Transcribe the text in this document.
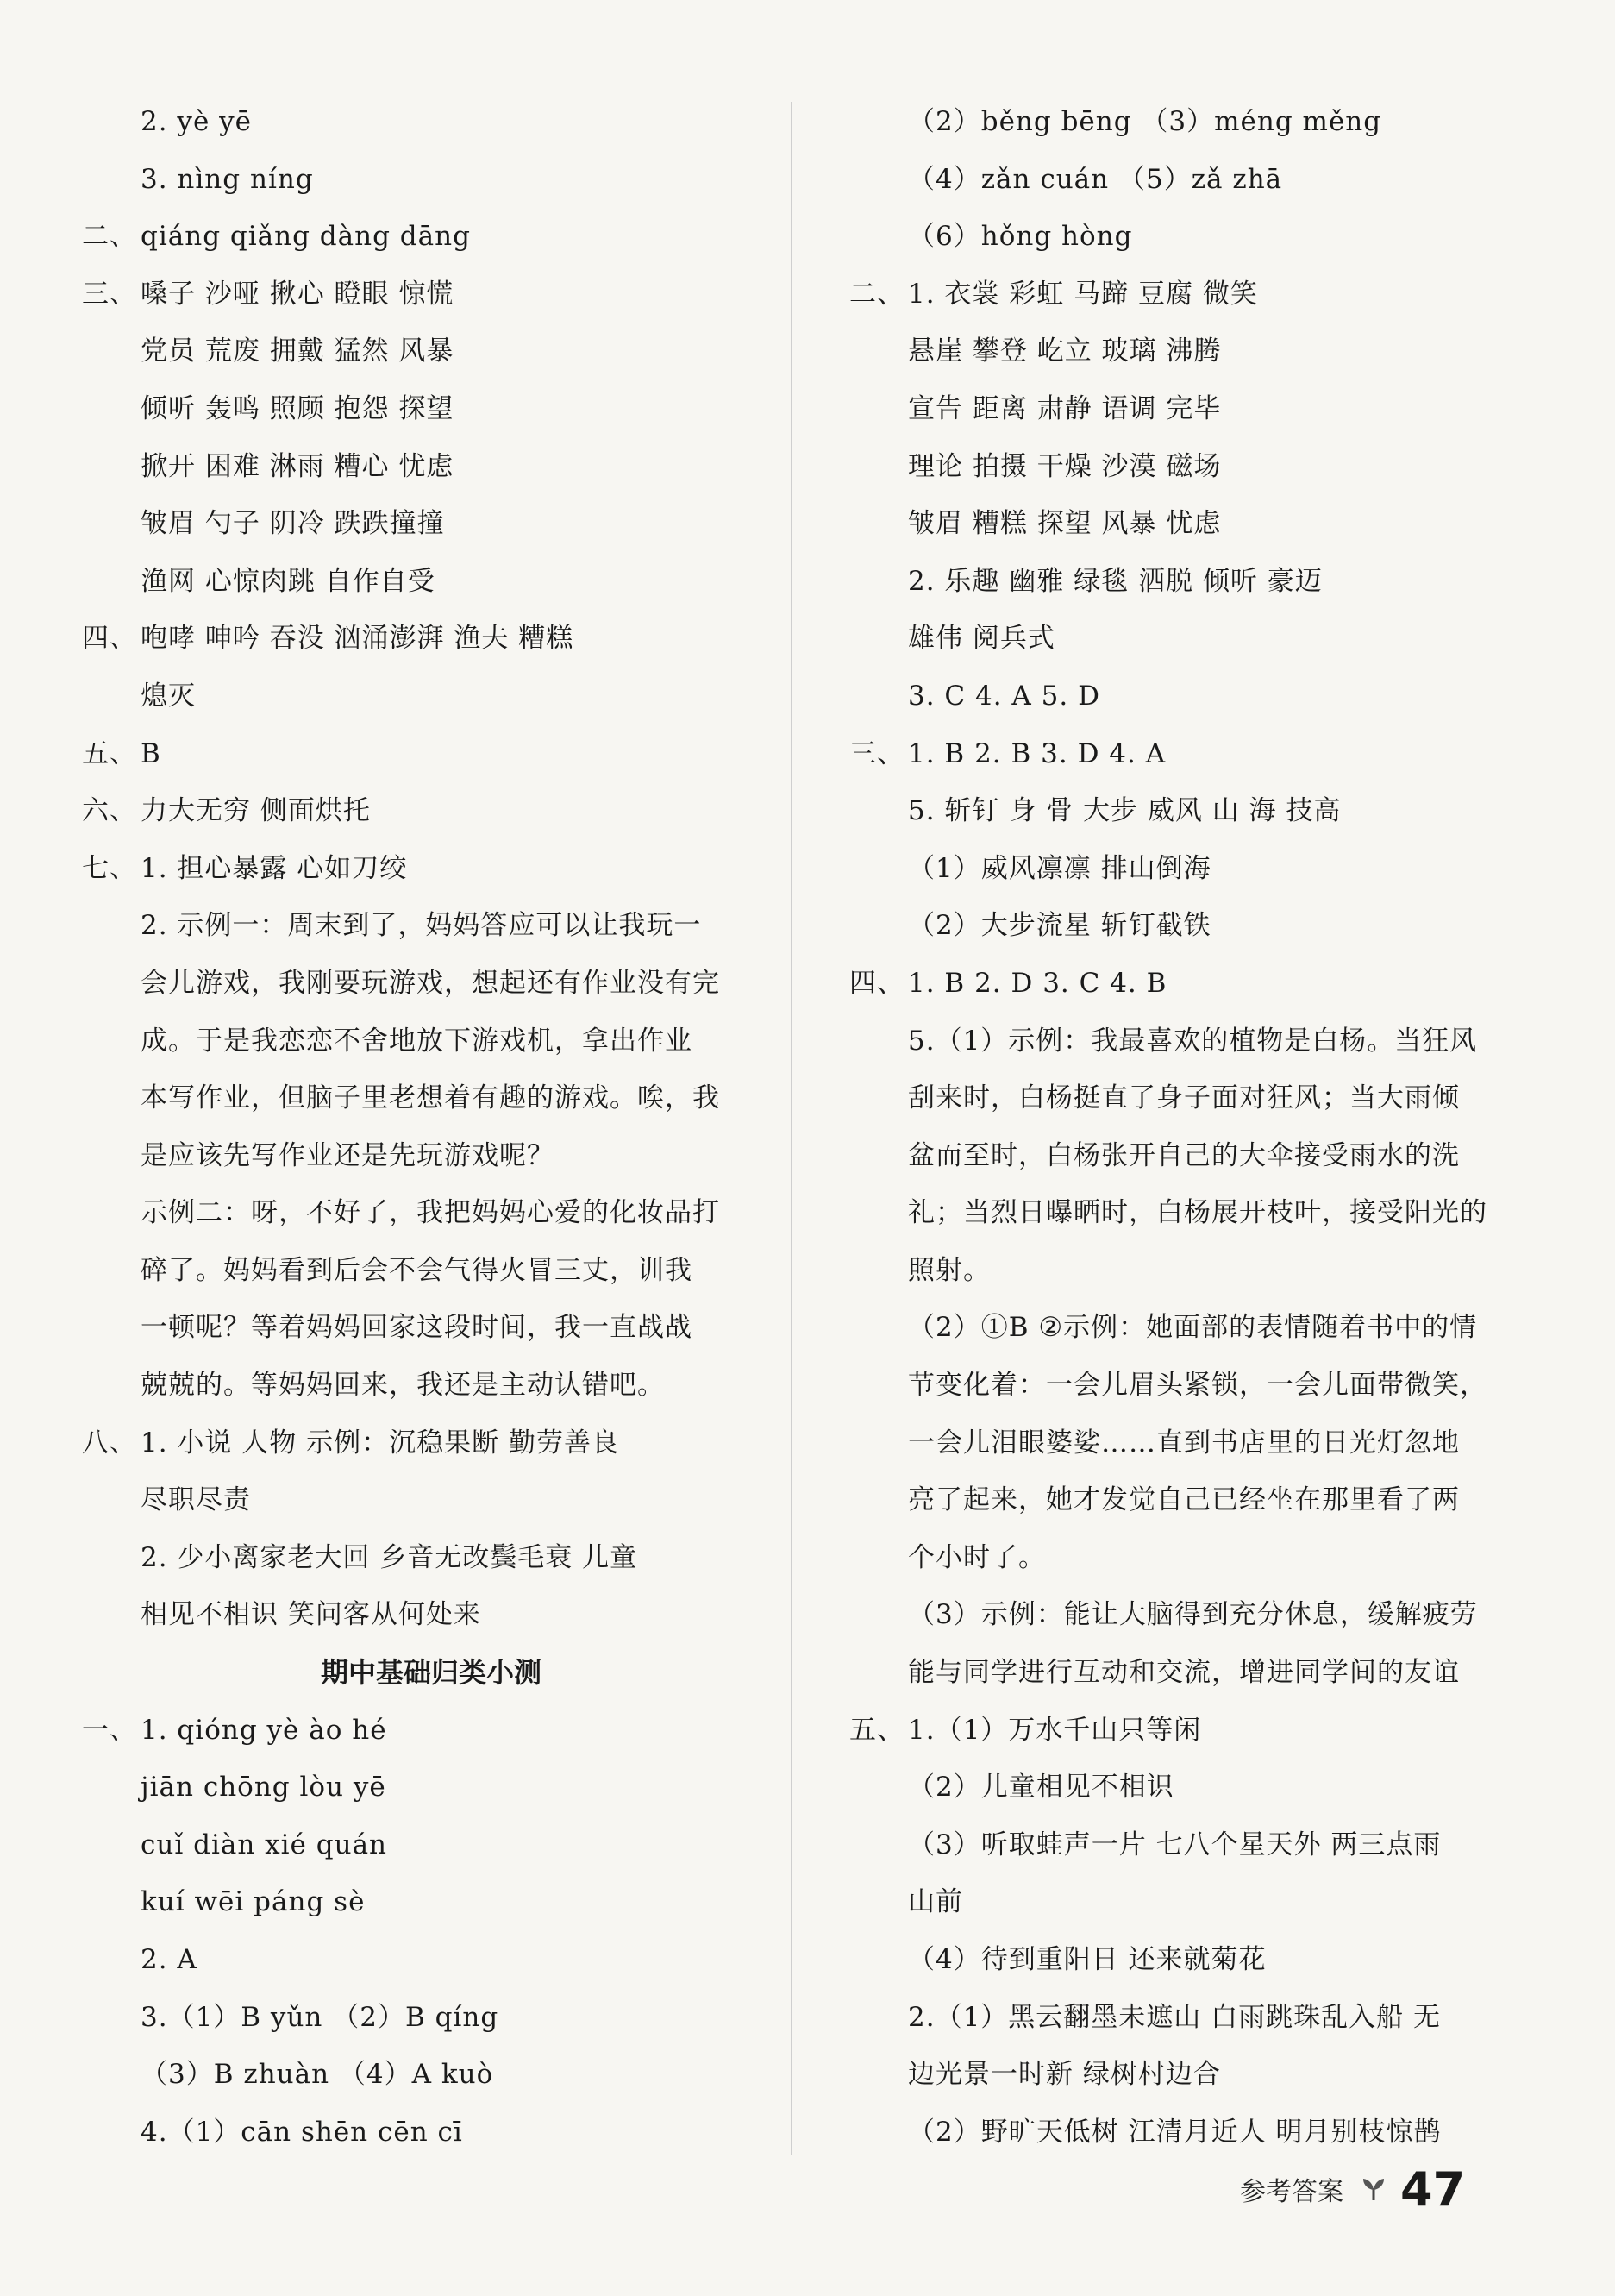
2. yè yē
3. nìng níng
二、 qiáng qiǎng dàng dāng
三、 嗓子 沙哑 揪心 瞪眼 惊慌
党员 荒废 拥戴 猛然 风暴
倾听 轰鸣 照顾 抱怨 探望
掀开 困难 淋雨 糟心 忧虑
皱眉 勺子 阴冷 跌跌撞撞
渔网 心惊肉跳 自作自受
四、 咆哮 呻吟 吞没 汹涌澎湃 渔夫 糟糕
熄灭
五、 B
六、 力大无穷 侧面烘托
七、 1. 担心暴露 心如刀绞
2. 示例一：周末到了，妈妈答应可以让我玩一
会儿游戏，我刚要玩游戏，想起还有作业没有完
成。于是我恋恋不舍地放下游戏机，拿出作业
本写作业，但脑子里老想着有趣的游戏。唉，我
是应该先写作业还是先玩游戏呢？
示例二：呀，不好了，我把妈妈心爱的化妆品打
碎了。妈妈看到后会不会气得火冒三丈，训我
一顿呢？等着妈妈回家这段时间，我一直战战
兢兢的。等妈妈回来，我还是主动认错吧。
八、 1. 小说 人物 示例：沉稳果断 勤劳善良
尽职尽责
2. 少小离家老大回 乡音无改鬓毛衰 儿童
相见不相识 笑问客从何处来
期中基础归类小测
一、 1. qióng yè ào hé
jiān chōng lòu yē
cuǐ diàn xié quán
kuí wēi páng sè
2. A
3.（1）B yǔn （2）B qíng
（3）B zhuàn （4）A kuò
4.（1）cān shēn cēn cī
（2）běng bēng （3）méng měng
（4）zǎn cuán （5）zǎ zhā
（6）hǒng hòng
二、 1. 衣裳 彩虹 马蹄 豆腐 微笑
悬崖 攀登 屹立 玻璃 沸腾
宣告 距离 肃静 语调 完毕
理论 拍摄 干燥 沙漠 磁场
皱眉 糟糕 探望 风暴 忧虑
2. 乐趣 幽雅 绿毯 洒脱 倾听 豪迈
雄伟 阅兵式
3. C 4. A 5. D
三、 1. B 2. B 3. D 4. A
5. 斩钉 身 骨 大步 威风 山 海 技高
（1）威风凛凛 排山倒海
（2）大步流星 斩钉截铁
四、 1. B 2. D 3. C 4. B
5.（1）示例：我最喜欢的植物是白杨。当狂风
刮来时，白杨挺直了身子面对狂风；当大雨倾
盆而至时，白杨张开自己的大伞接受雨水的洗
礼；当烈日曝晒时，白杨展开枝叶，接受阳光的
照射。
（2）①B ②示例：她面部的表情随着书中的情
节变化着：一会儿眉头紧锁，一会儿面带微笑，
一会儿泪眼婆娑……直到书店里的日光灯忽地
亮了起来，她才发觉自己已经坐在那里看了两
个小时了。
（3）示例：能让大脑得到充分休息，缓解疲劳
能与同学进行互动和交流，增进同学间的友谊
五、 1.（1）万水千山只等闲
（2）儿童相见不相识
（3）听取蛙声一片 七八个星天外 两三点雨
山前
（4）待到重阳日 还来就菊花
2.（1）黑云翻墨未遮山 白雨跳珠乱入船 无
边光景一时新 绿树村边合
（2）野旷天低树 江清月近人 明月别枝惊鹊
参考答案 47
